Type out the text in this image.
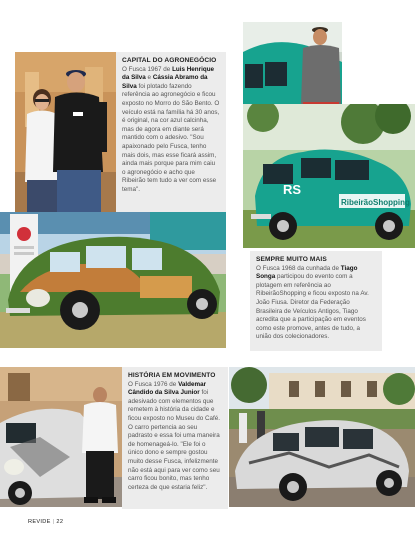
CAPITAL DO AGRONEGÓCIO

O Fusca 1967 de Luis Henrique da Silva e Cássia Abramo da Silva foi plotado fazendo referência ao agronegócio e ficou exposto no Morro do São Bento. O veículo está na família há 30 anos, é original, na cor azul calcinha, mas de agora em diante será mantido com o adesivo. "Sou apaixonado pelo Fusca, tenho mais dois, mas esse ficará assim, ainda mais porque para mim caiu o agronegócio e acho que Ribeirão tem tudo a ver com esse tema".

RibeirãoShopping
RS
SEMPRE MUITO MAIS

O Fusca 1968 da cunhada de Tiago Songa participou do evento com a plotagem em referência ao RibeirãoShopping e ficou exposto na Av. João Fiusa. Diretor da Federação Brasileira de Veículos Antigos, Tiago acredita que a participação em eventos como este promove, antes de tudo, a união dos colecionadores.

HISTÓRIA EM MOVIMENTO

O Fusca 1976 de Valdemar Cândido da Silva Junior foi adesivado com elementos que remetem à história da cidade e ficou exposto no Museu do Café. O carro pertencia ao seu padrasto e essa foi uma maneira de homenageá-lo. "Ele foi o único dono e sempre gostou muito desse Fusca, infelizmente não está aqui para ver como seu carro ficou bonito, mas tenho certeza de que estaria feliz".

REVIDE | 22
